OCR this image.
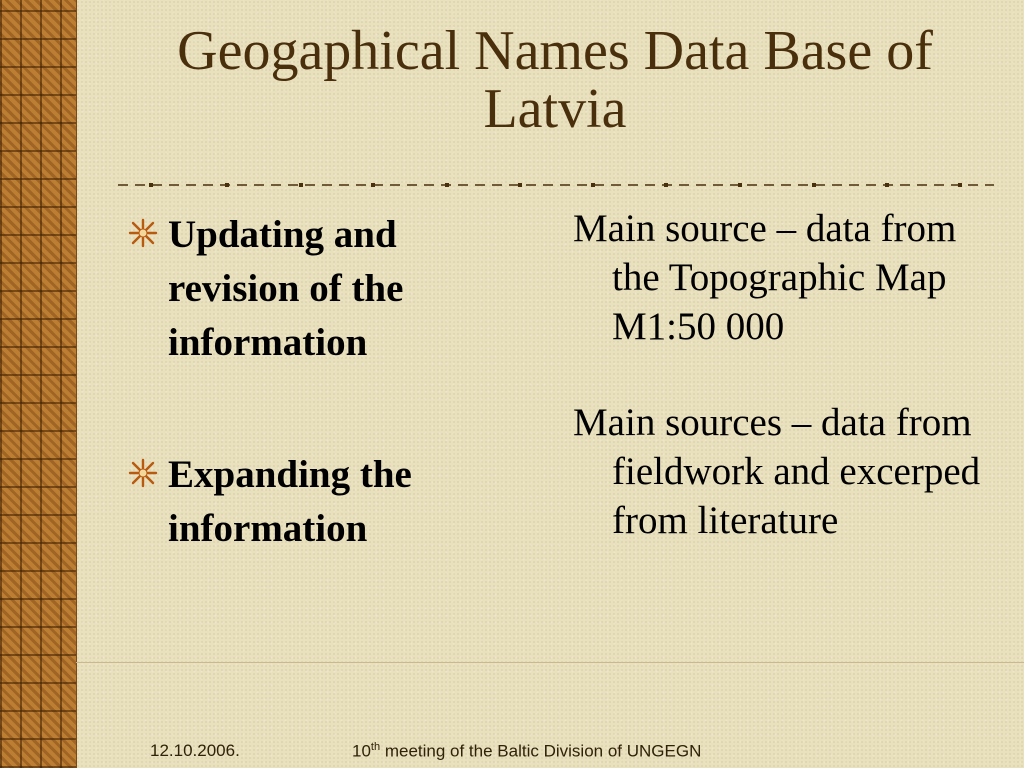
Geogaphical Names Data Base of Latvia
Updating and revision of the information
Expanding the information

Main source – data from the Topographic Map M1:50 000

Main sources – data from fieldwork and excerped from literature

12.10.2006.	10th meeting of the Baltic Division of UNGEGN
